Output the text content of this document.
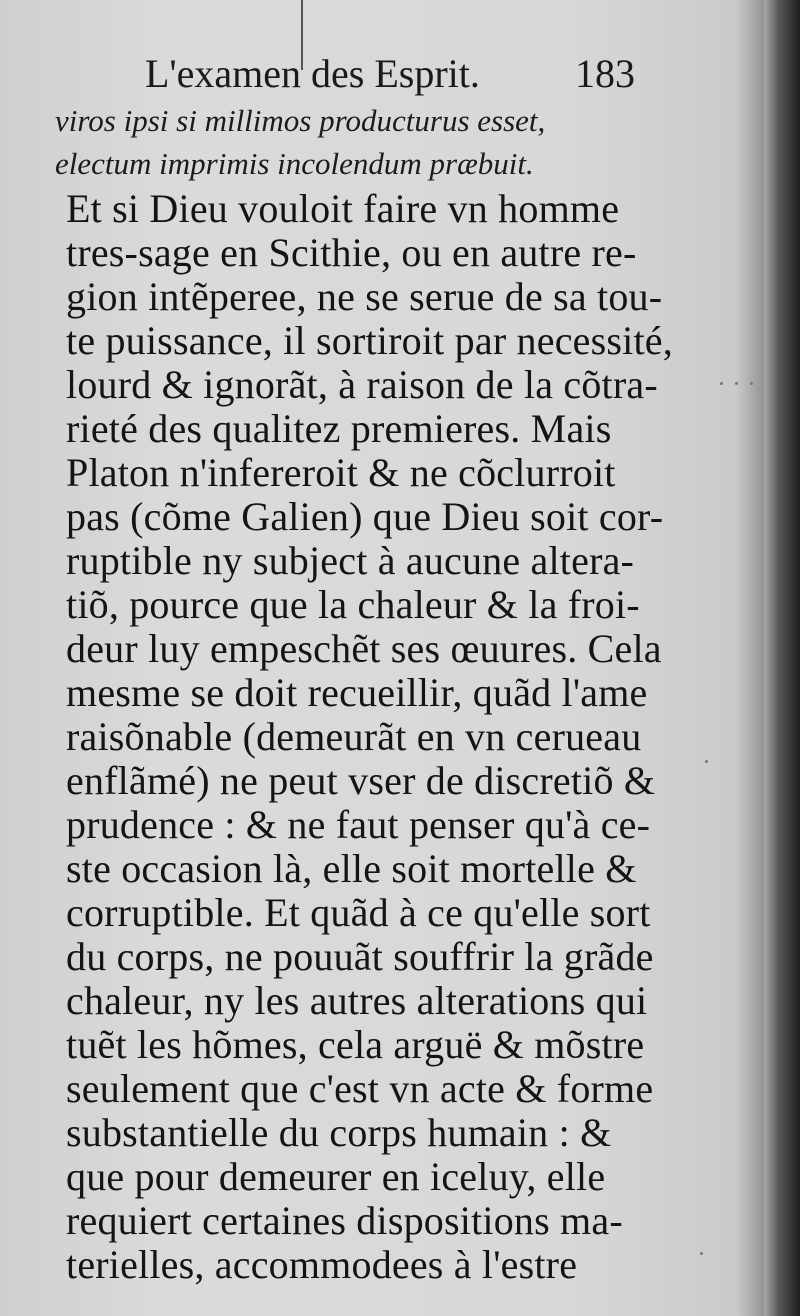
L'examen des Esprit. 183
viros ipsi si millimos producturus esset,
electum imprimis incolendum præbuit.
Et si Dieu vouloit faire vn homme
tres-sage en Scithie, ou en autre re-
gion intẽperee, ne se serue de sa tou-
te puissance, il sortiroit par necessité,
lourd & ignorãt, à raison de la cõtra-
rieté des qualitez premieres. Mais
Platon n'infereroit & ne cõclurroit
pas (cõme Galien) que Dieu soit cor-
ruptible ny subject à aucune altera-
tiõ, pource que la chaleur & la froi-
deur luy empeschẽt ses œuures. Cela
mesme se doit recueillir, quãd l'ame
raisõnable (demeurãt en vn cerueau
enflãmé) ne peut vser de discretiõ &
prudence : & ne faut penser qu'à ce-
ste occasion là, elle soit mortelle &
corruptible. Et quãd à ce qu'elle sort
du corps, ne pouuãt souffrir la grãde
chaleur, ny les autres alterations qui
tuẽt les hõmes, cela arguë & mõstre
seulement que c'est vn acte & forme
substantielle du corps humain : &
que pour demeurer en iceluy, elle
requiert certaines dispositions ma-
terielles, accommodees à l'estre
